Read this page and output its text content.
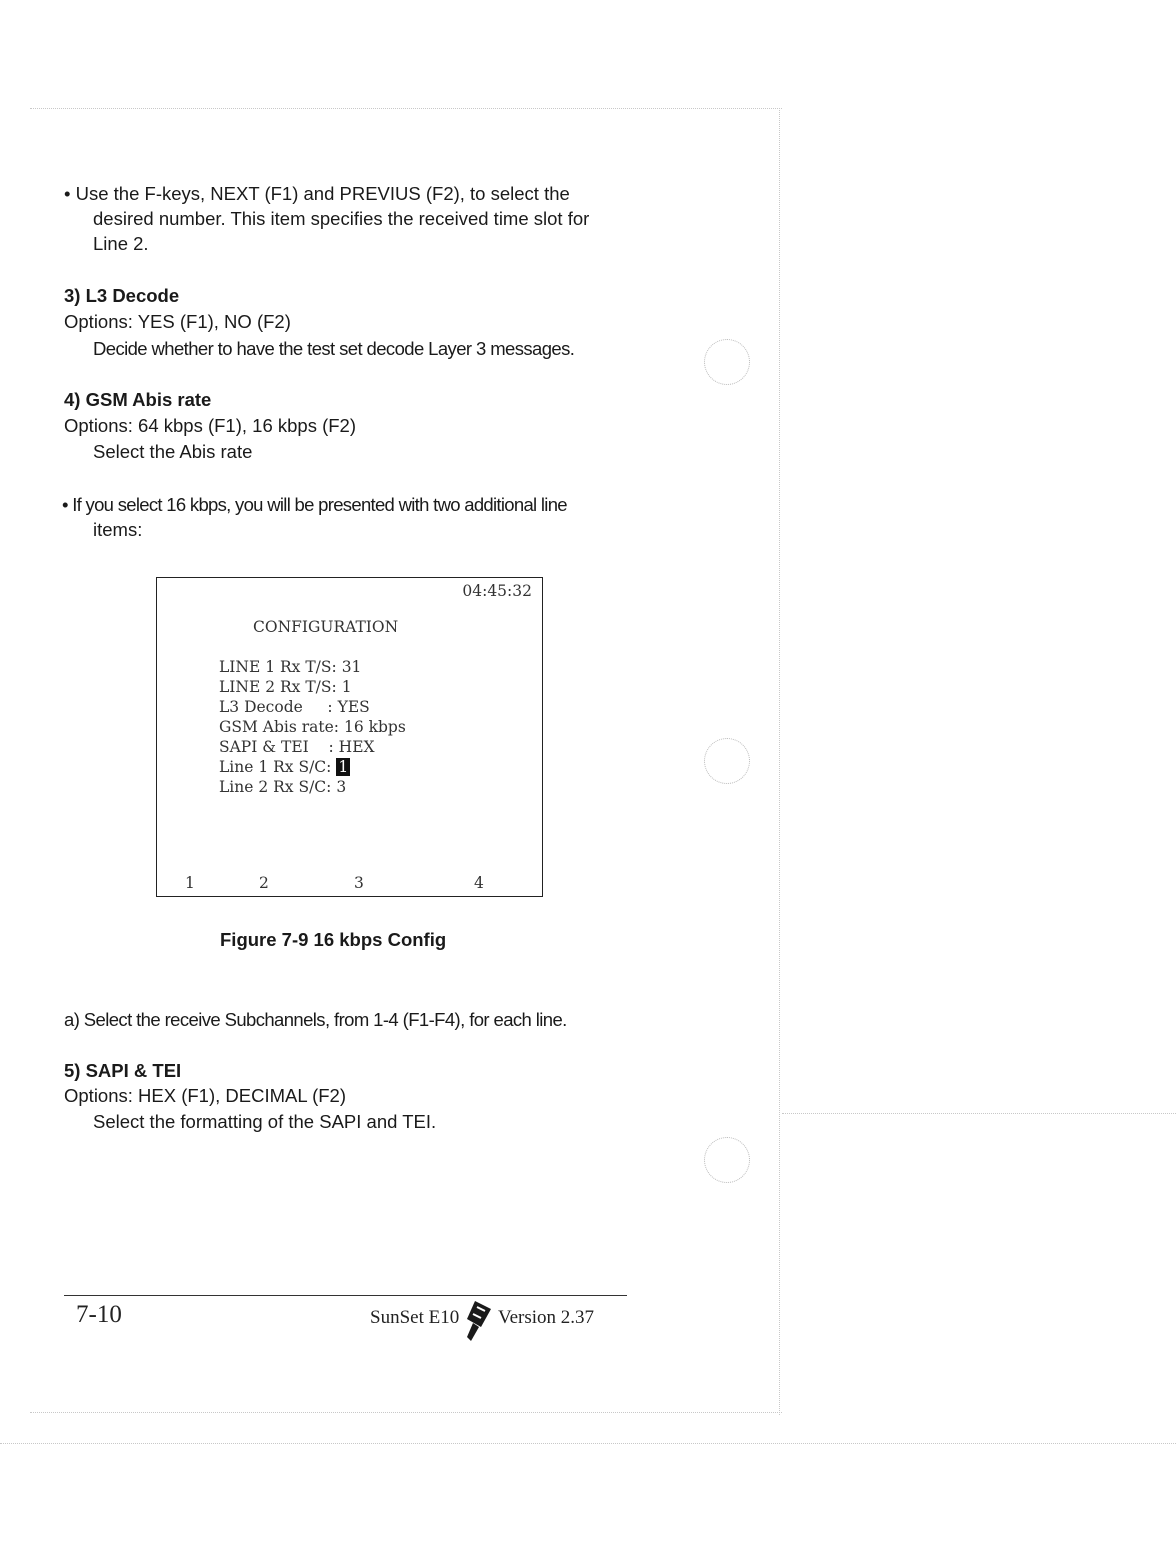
• Use the F-keys, NEXT (F1) and PREVIUS (F2), to select the
desired number. This item specifies the received time slot for
Line 2.
3) L3 Decode
Options: YES (F1), NO (F2)
Decide whether to have the test set decode Layer 3 messages.
4) GSM Abis rate
Options: 64 kbps (F1), 16 kbps (F2)
Select the Abis rate
• If you select 16 kbps, you will be presented with two additional line
items:
04:45:32
CONFIGURATION
LINE 1 Rx T/S: 31
LINE 2 Rx T/S: 1
L3 Decode     : YES
GSM Abis rate: 16 kbps
SAPI & TEI    : HEX
Line 1 Rx S/C: 1
Line 2 Rx S/C: 3
1	2	3	4
Figure 7-9 16 kbps Config
a) Select the receive Subchannels, from 1-4 (F1-F4), for each line.
5) SAPI & TEI
Options: HEX (F1), DECIMAL (F2)
Select the formatting of the SAPI and TEI.
7-10	SunSet E10 Version 2.37
